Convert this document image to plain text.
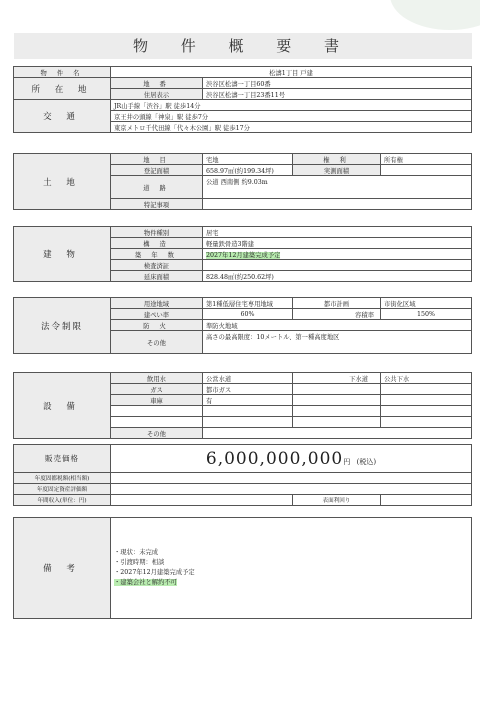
物 件 概 要 書
物 件 名	松濤1丁目 戸建	
所 在 地	地 番	渋谷区松濤一丁目60番
	住居表示	渋谷区松濤一丁目23番11号
交 通	JR山手線「渋谷」駅 徒歩14分	
	京王井の頭線「神泉」駅 徒歩7分	
	東京メトロ千代田線「代々木公園」駅 徒歩17分	
土 地	地 目	宅地	権 利	所有権
	登記面積	658.97㎡(約199.34坪)	実測面積	
	道 路	公道 西南側 約9.03m		
	特記事項			
建 物	物件種別	居宅
	構 造	軽量鉄骨造3階建
	築 年 数	2027年12月建築完成予定
	検査済証	
	延床面積	828.48㎡(約250.62坪)
法令制限	用途地域	第1種低層住宅専用地域	都市計画	市街化区域
	建ぺい率	60%	容積率	150%
	防 火	準防火地域		
	その他	高さの最高限度：10メートル、第一種高度地区		
設 備	飲用水	公営水道	下水道	公共下水
	ガス	都市ガス		
	車庫	有		

	その他			
販売価格	6,000,000,000円 (税込)		
年度固都税額(相当額)			
年度固定資産評価額			
年間収入(単位：円)		表面利回り	
備 考	
・現状：未完成
・引渡時期：相談
・2027年12月建築完成予定
・建築会社と解約不可
